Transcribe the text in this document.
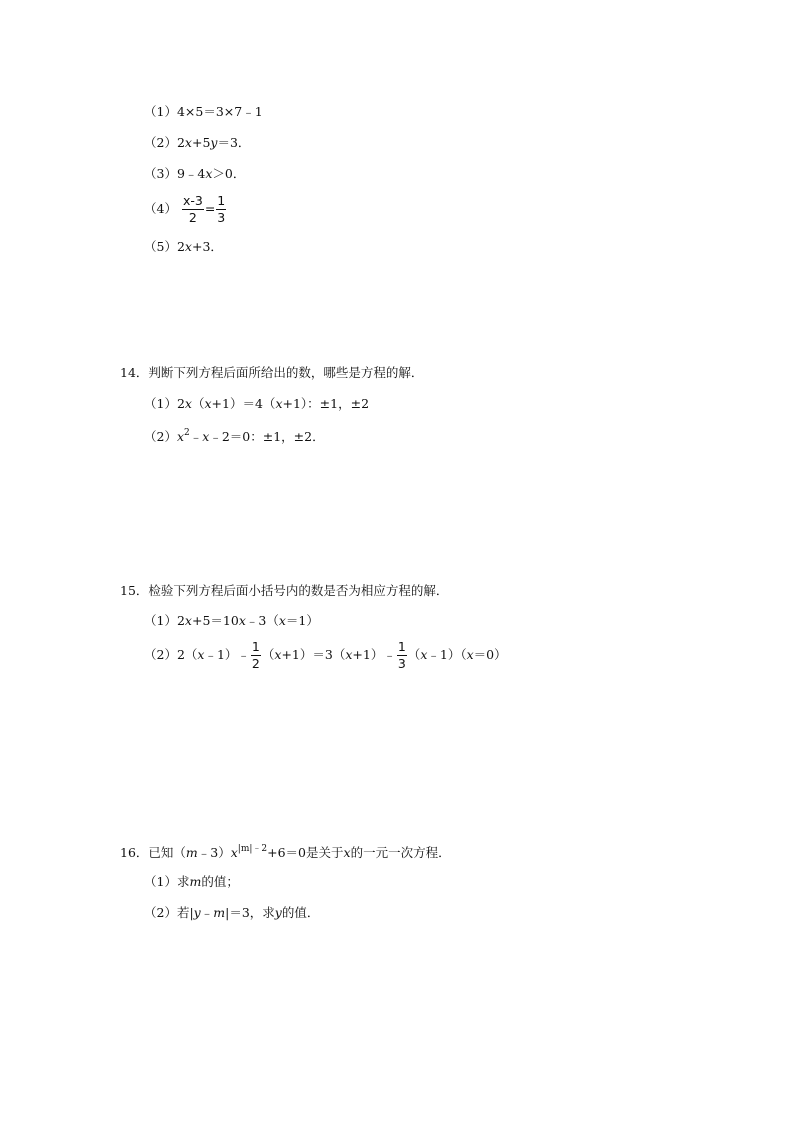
（1）4×5＝3×7﹣1
（2）2x+5y＝3．
（3）9﹣4x＞0．
$(4) \frac{x-3}{2} = \frac{1}{3}$
（5）2x+3．
14．判断下列方程后面所给出的数，哪些是方程的解．
（1）2x（x+1）＝4（x+1）：±1，±2
$(2)x^2﹣x﹣2=0$：±1，±2．
15．检验下列方程后面小括号内的数是否为相应方程的解．
（1）2x+5＝10x﹣3（x＝1）
（2）2（x﹣1）﹣ $\frac{1}{2}$ （x+1）＝3（x+1）﹣ $\frac{1}{3}$ （x﹣1）（x＝0）
16．已知$(m﹣3)x^{|m|﹣2}+6=0$是关于x的一元一次方程．
（1）求m的值；
（2）若|y﹣m|＝3，求y的值．
